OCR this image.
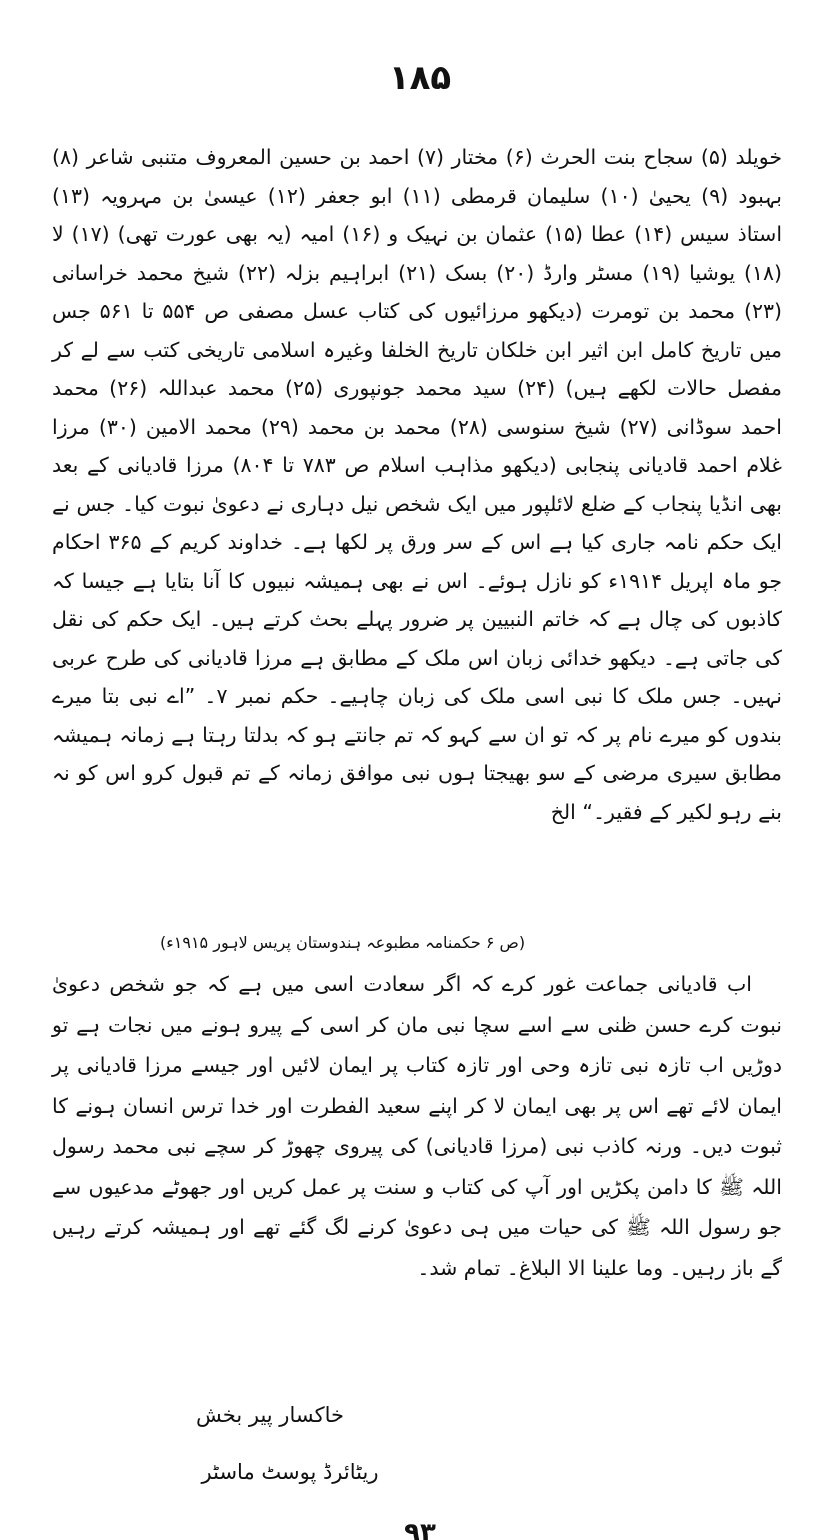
۱۸۵

خویلد (۵) سجاح بنت الحرث (۶) مختار (۷) احمد بن حسین المعروف متنبی شاعر (۸) بہبود (۹) یحییٰ (۱۰) سلیمان قرمطی (۱۱) ابو جعفر (۱۲) عیسیٰ بن مہرویہ (۱۳) استاذ سیس (۱۴) عطا (۱۵) عثمان بن نہیک و (۱۶) امیہ (یہ بھی عورت تھی) (۱۷) لا (۱۸) یوشیا (۱۹) مسٹر وارڈ (۲۰) بسک (۲۱) ابراہیم بزلہ (۲۲) شیخ محمد خراسانی (۲۳) محمد بن تومرت (دیکھو مرزائیوں کی کتاب عسل مصفی ص ۵۵۴ تا ۵۶۱ جس میں تاریخ کامل ابن اثیر ابن خلکان تاریخ الخلفا وغیرہ اسلامی تاریخی کتب سے لے کر مفصل حالات لکھے ہیں) (۲۴) سید محمد جونپوری (۲۵) محمد عبداللہ (۲۶) محمد احمد سوڈانی (۲۷) شیخ سنوسی (۲۸) محمد بن محمد (۲۹) محمد الامین (۳۰) مرزا غلام احمد قادیانی پنجابی (دیکھو مذاہب اسلام ص ۷۸۳ تا ۸۰۴) مرزا قادیانی کے بعد بھی انڈیا پنجاب کے ضلع لائلپور میں ایک شخص نیل دہاری نے دعویٰ نبوت کیا۔ جس نے ایک حکم نامہ جاری کیا ہے اس کے سر ورق پر لکھا ہے۔ خداوند کریم کے ۳۶۵ احکام جو ماہ اپریل ۱۹۱۴ء کو نازل ہوئے۔ اس نے بھی ہمیشہ نبیوں کا آنا بتایا ہے جیسا کہ کاذبوں کی چال ہے کہ خاتم النبیین پر ضرور پہلے بحث کرتے ہیں۔ ایک حکم کی نقل کی جاتی ہے۔ دیکھو خدائی زبان اس ملک کے مطابق ہے مرزا قادیانی کی طرح عربی نہیں۔ جس ملک کا نبی اسی ملک کی زبان چاہیے۔ حکم نمبر ۷۔ ”اے نبی بتا میرے بندوں کو میرے نام پر کہ تو ان سے کہو کہ تم جانتے ہو کہ بدلتا رہتا ہے زمانہ ہمیشہ مطابق سیری مرضی کے سو بھیجتا ہوں نبی موافق زمانہ کے تم قبول کرو اس کو نہ بنے رہو لکیر کے فقیر۔“ الخ

(ص ۶ حکمنامہ مطبوعہ ہندوستان پریس لاہور ۱۹۱۵ء)

اب قادیانی جماعت غور کرے کہ اگر سعادت اسی میں ہے کہ جو شخص دعویٰ نبوت کرے حسن ظنی سے اسے سچا نبی مان کر اسی کے پیرو ہونے میں نجات ہے تو دوڑیں اب تازہ نبی تازہ وحی اور تازہ کتاب پر ایمان لائیں اور جیسے مرزا قادیانی پر ایمان لائے تھے اس پر بھی ایمان لا کر اپنے سعید الفطرت اور خدا ترس انسان ہونے کا ثبوت دیں۔ ورنہ کاذب نبی (مرزا قادیانی) کی پیروی چھوڑ کر سچے نبی محمد رسول اللہ ﷺ کا دامن پکڑیں اور آپ کی کتاب و سنت پر عمل کریں اور جھوٹے مدعیوں سے جو رسول اللہ ﷺ کی حیات میں ہی دعویٰ کرنے لگ گئے تھے اور ہمیشہ کرتے رہیں گے باز رہیں۔ وما علینا الا البلاغ۔ تمام شد۔

خاکسار پیر بخش
ریٹائرڈ پوسٹ ماسٹر
۹۳
